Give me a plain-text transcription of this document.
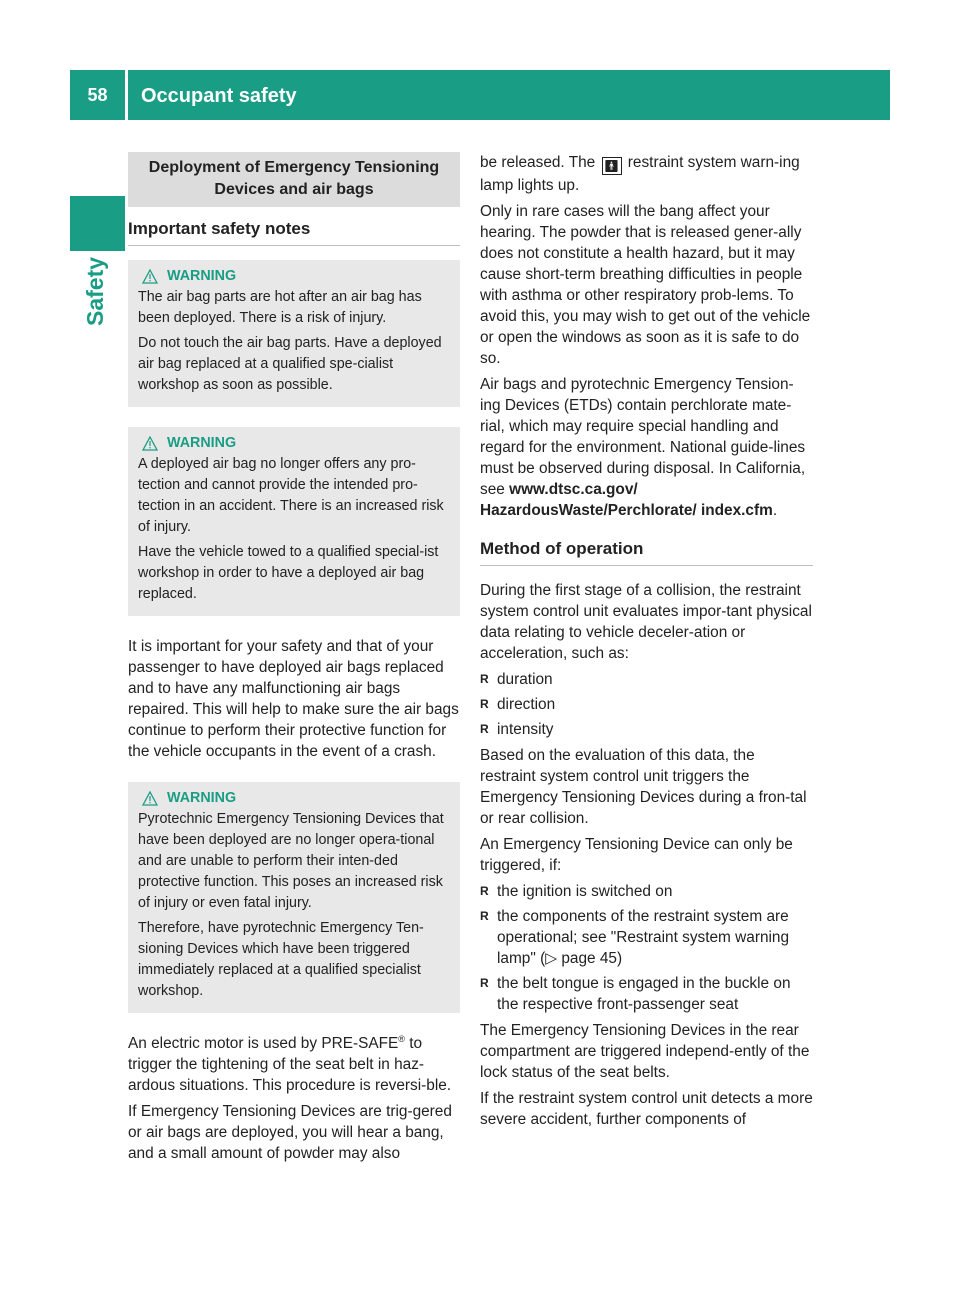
58	Occupant safety
Safety
Deployment of Emergency Tensioning Devices and air bags
Important safety notes
WARNING

The air bag parts are hot after an air bag has been deployed. There is a risk of injury.

Do not touch the air bag parts. Have a deployed air bag replaced at a qualified spe-cialist workshop as soon as possible.

WARNING

A deployed air bag no longer offers any pro-tection and cannot provide the intended pro-tection in an accident. There is an increased risk of injury.

Have the vehicle towed to a qualified special-ist workshop in order to have a deployed air bag replaced.

It is important for your safety and that of your passenger to have deployed air bags replaced and to have any malfunctioning air bags repaired. This will help to make sure the air bags continue to perform their protective function for the vehicle occupants in the event of a crash.

WARNING

Pyrotechnic Emergency Tensioning Devices that have been deployed are no longer opera-tional and are unable to perform their inten-ded protective function. This poses an increased risk of injury or even fatal injury.

Therefore, have pyrotechnic Emergency Ten-sioning Devices which have been triggered immediately replaced at a qualified specialist workshop.

An electric motor is used by PRE-SAFE® to trigger the tightening of the seat belt in haz-ardous situations. This procedure is reversi-ble.

If Emergency Tensioning Devices are trig-gered or air bags are deployed, you will hear a bang, and a small amount of powder may also

be released. The 🚹︎ restraint system warn-ing lamp lights up.

Only in rare cases will the bang affect your hearing. The powder that is released gener-ally does not constitute a health hazard, but it may cause short-term breathing difficulties in people with asthma or other respiratory prob-lems. To avoid this, you may wish to get out of the vehicle or open the windows as soon as it is safe to do so.

Air bags and pyrotechnic Emergency Tension-ing Devices (ETDs) contain perchlorate mate-rial, which may require special handling and regard for the environment. National guide-lines must be observed during disposal. In California, see www.dtsc.ca.gov/ HazardousWaste/Perchlorate/ index.cfm.

Method of operation

During the first stage of a collision, the restraint system control unit evaluates impor-tant physical data relating to vehicle deceler-ation or acceleration, such as:

R duration
R direction
R intensity

Based on the evaluation of this data, the restraint system control unit triggers the Emergency Tensioning Devices during a fron-tal or rear collision.

An Emergency Tensioning Device can only be triggered, if:

R the ignition is switched on
R the components of the restraint system are operational; see "Restraint system warning lamp" (▷ page 45)
R the belt tongue is engaged in the buckle on the respective front-passenger seat

The Emergency Tensioning Devices in the rear compartment are triggered independ-ently of the lock status of the seat belts.

If the restraint system control unit detects a more severe accident, further components of
